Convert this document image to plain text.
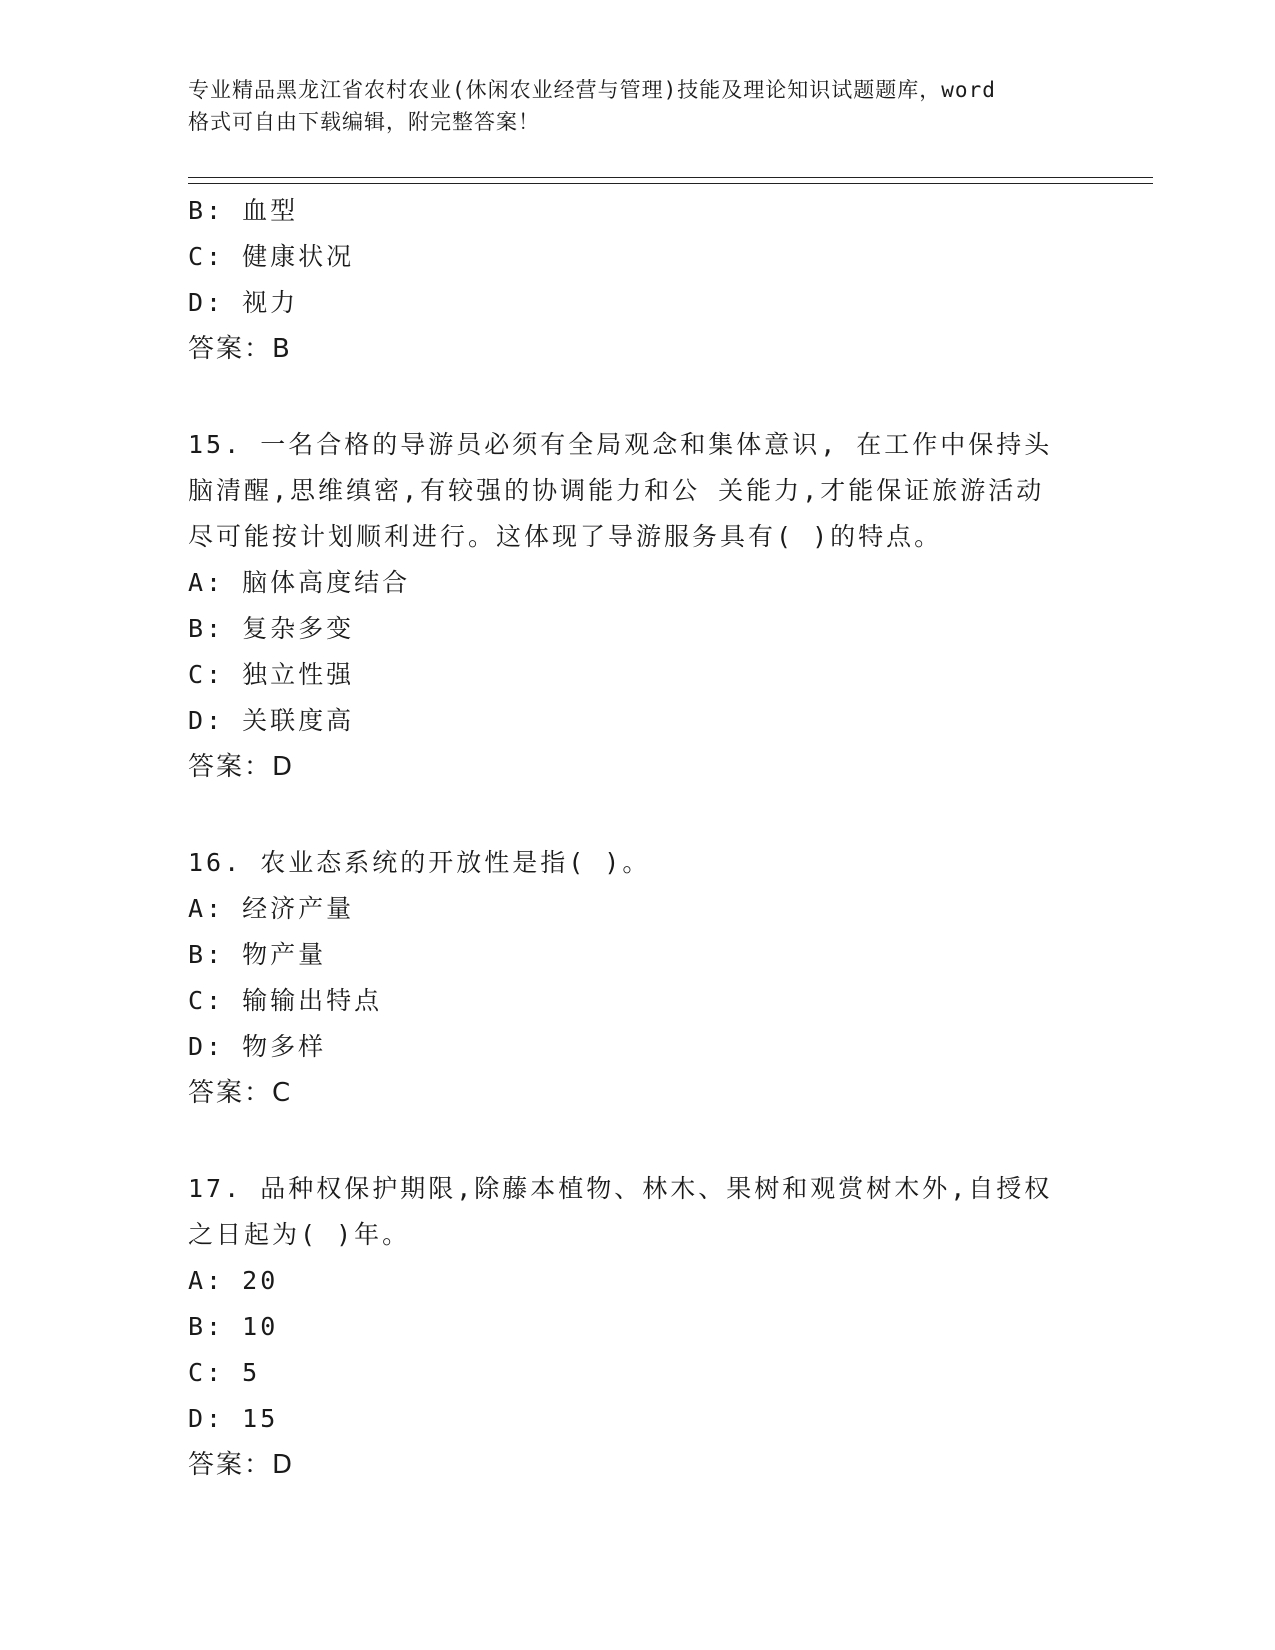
专业精品黑龙江省农村农业(休闲农业经营与管理)技能及理论知识试题题库，word
格式可自由下载编辑，附完整答案！
B: 血型
C: 健康状况
D: 视力
答案：B
15. 一名合格的导游员必须有全局观念和集体意识, 在工作中保持头
脑清醒,思维缜密,有较强的协调能力和公 关能力,才能保证旅游活动
尽可能按计划顺利进行。这体现了导游服务具有( )的特点。
A: 脑体高度结合
B: 复杂多变
C: 独立性强
D: 关联度高
答案：D
16. 农业态系统的开放性是指( )。
A: 经济产量
B: 物产量
C: 输输出特点
D: 物多样
答案：C
17. 品种权保护期限,除藤本植物、林木、果树和观赏树木外,自授权
之日起为( )年。
A: 20
B: 10
C: 5
D: 15
答案：D
